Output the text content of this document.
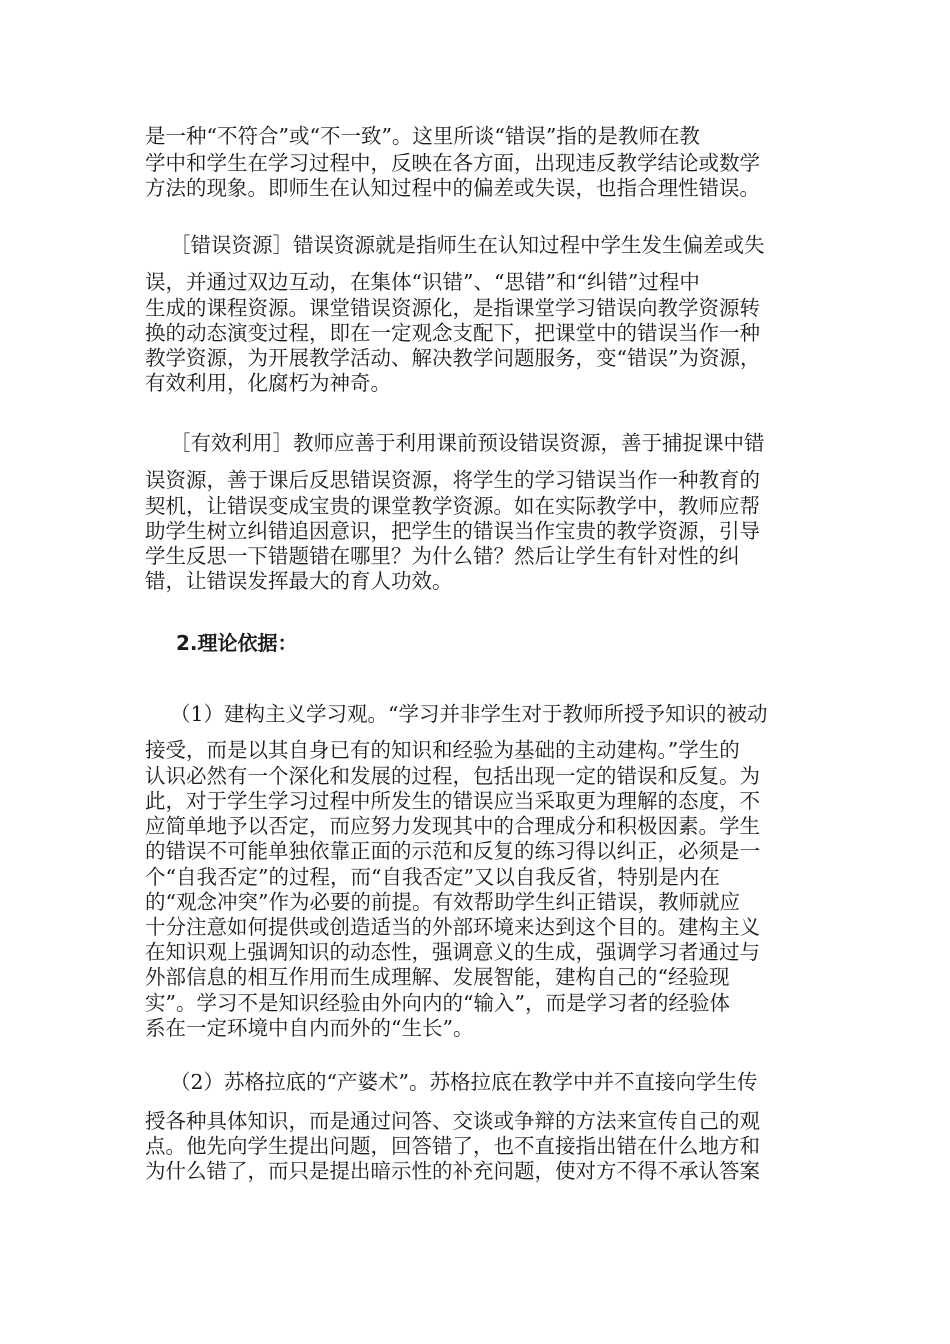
是一种“不符合”或“不一致”。这里所谈“错误”指的是教师在教
学中和学生在学习过程中，反映在各方面，出现违反教学结论或数学
方法的现象。即师生在认知过程中的偏差或失误，也指合理性错误。
［错误资源］错误资源就是指师生在认知过程中学生发生偏差或失
误，并通过双边互动，在集体“识错”、“思错”和“纠错”过程中
生成的课程资源。课堂错误资源化，是指课堂学习错误向教学资源转
换的动态演变过程，即在一定观念支配下，把课堂中的错误当作一种
教学资源，为开展教学活动、解决教学问题服务，变“错误”为资源，
有效利用，化腐朽为神奇。
［有效利用］教师应善于利用课前预设错误资源，善于捕捉课中错
误资源，善于课后反思错误资源，将学生的学习错误当作一种教育的
契机，让错误变成宝贵的课堂教学资源。如在实际教学中，教师应帮
助学生树立纠错追因意识，把学生的错误当作宝贵的教学资源，引导
学生反思一下错题错在哪里？为什么错？然后让学生有针对性的纠
错，让错误发挥最大的育人功效。
2.理论依据：
（1）建构主义学习观。“学习并非学生对于教师所授予知识的被动
接受，而是以其自身已有的知识和经验为基础的主动建构。”学生的
认识必然有一个深化和发展的过程，包括出现一定的错误和反复。为
此，对于学生学习过程中所发生的错误应当采取更为理解的态度，不
应简单地予以否定，而应努力发现其中的合理成分和积极因素。学生
的错误不可能单独依靠正面的示范和反复的练习得以纠正，必须是一
个“自我否定”的过程，而“自我否定”又以自我反省，特别是内在
的“观念冲突”作为必要的前提。有效帮助学生纠正错误，教师就应
十分注意如何提供或创造适当的外部环境来达到这个目的。建构主义
在知识观上强调知识的动态性，强调意义的生成，强调学习者通过与
外部信息的相互作用而生成理解、发展智能，建构自己的“经验现
实”。学习不是知识经验由外向内的“输入”，而是学习者的经验体
系在一定环境中自内而外的“生长”。
（2）苏格拉底的“产婆术”。苏格拉底在教学中并不直接向学生传
授各种具体知识，而是通过问答、交谈或争辩的方法来宣传自己的观
点。他先向学生提出问题，回答错了，也不直接指出错在什么地方和
为什么错了，而只是提出暗示性的补充问题，使对方不得不承认答案
